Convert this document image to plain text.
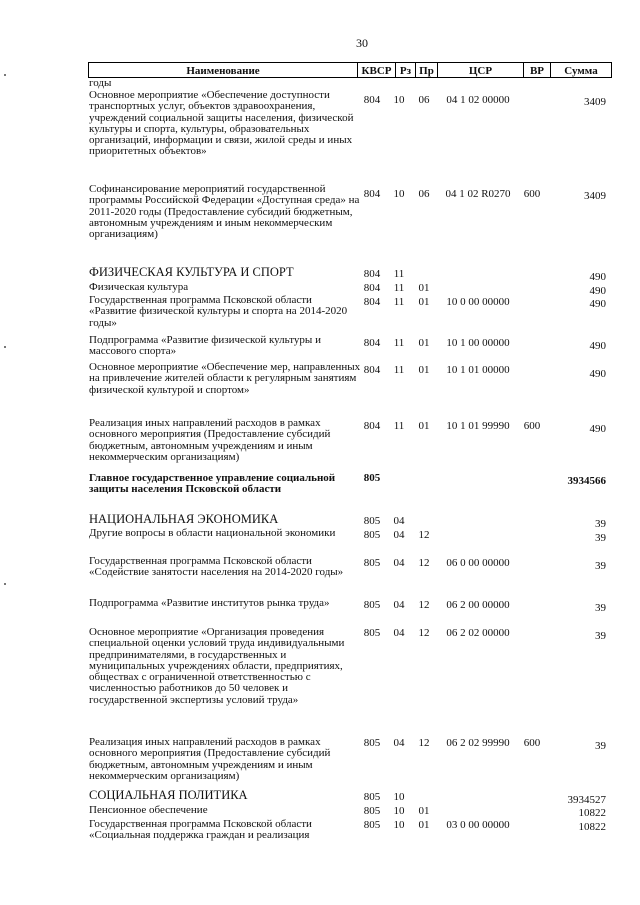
30
Наименование	КВСР Рз Пр	ЦСР	ВР	Сумма
годы
Основное мероприятие «Обеспечение доступности транспортных услуг, объектов здравоохранения, учреждений социальной защиты населения, физической культуры и спорта, культуры, образовательных организаций, информации и связи, жилой среды и иных приоритетных объектов»
804	10	06	04 1 02 00000	3409
Софинансирование мероприятий государственной программы Российской Федерации «Доступная среда» на 2011-2020 годы (Предоставление субсидий бюджетным, автономным учреждениям и иным некоммерческим организациям)
804	10	06	04 1 02 R0270	600	3409
ФИЗИЧЕСКАЯ КУЛЬТУРА И СПОРТ	804	11	490
Физическая культура	804	11	01	490
Государственная программа Псковской области «Развитие физической культуры и спорта на 2014-2020 годы»
804	11	01	10 0 00 00000	490
Подпрограмма «Развитие физической культуры и массового спорта»
804	11	01	10 1 00 00000	490
Основное мероприятие «Обеспечение мер, направленных на привлечение жителей области к регулярным занятиям физической культурой и спортом»
804	11	01	10 1 01 00000	490
Реализация иных направлений расходов в рамках основного мероприятия (Предоставление субсидий бюджетным, автономным учреждениям и иным некоммерческим организациям)
804	11	01	10 1 01 99990	600	490
Главное государственное управление социальной защиты населения Псковской области
805	3934566
НАЦИОНАЛЬНАЯ ЭКОНОМИКА	805	04	39
Другие вопросы в области национальной экономики	805	04	12	39
Государственная программа Псковской области «Содействие занятости населения на 2014-2020 годы»
805	04	12	06 0 00 00000	39
Подпрограмма «Развитие институтов рынка труда»	805	04	12	06 2 00 00000	39
Основное мероприятие «Организация проведения специальной оценки условий труда индивидуальными предпринимателями, в государственных и муниципальных учреждениях области, предприятиях, обществах с ограниченной ответственностью с численностью работников до 50 человек и государственной экспертизы условий труда»
805	04	12	06 2 02 00000	39
Реализация иных направлений расходов в рамках основного мероприятия (Предоставление субсидий бюджетным, автономным учреждениям и иным некоммерческим организациям)
805	04	12	06 2 02 99990	600	39
СОЦИАЛЬНАЯ ПОЛИТИКА	805	10	3934527
Пенсионное обеспечение	805	10	01	10822
Государственная программа Псковской области «Социальная поддержка граждан и реализация
805	10	01	03 0 00 00000	10822
